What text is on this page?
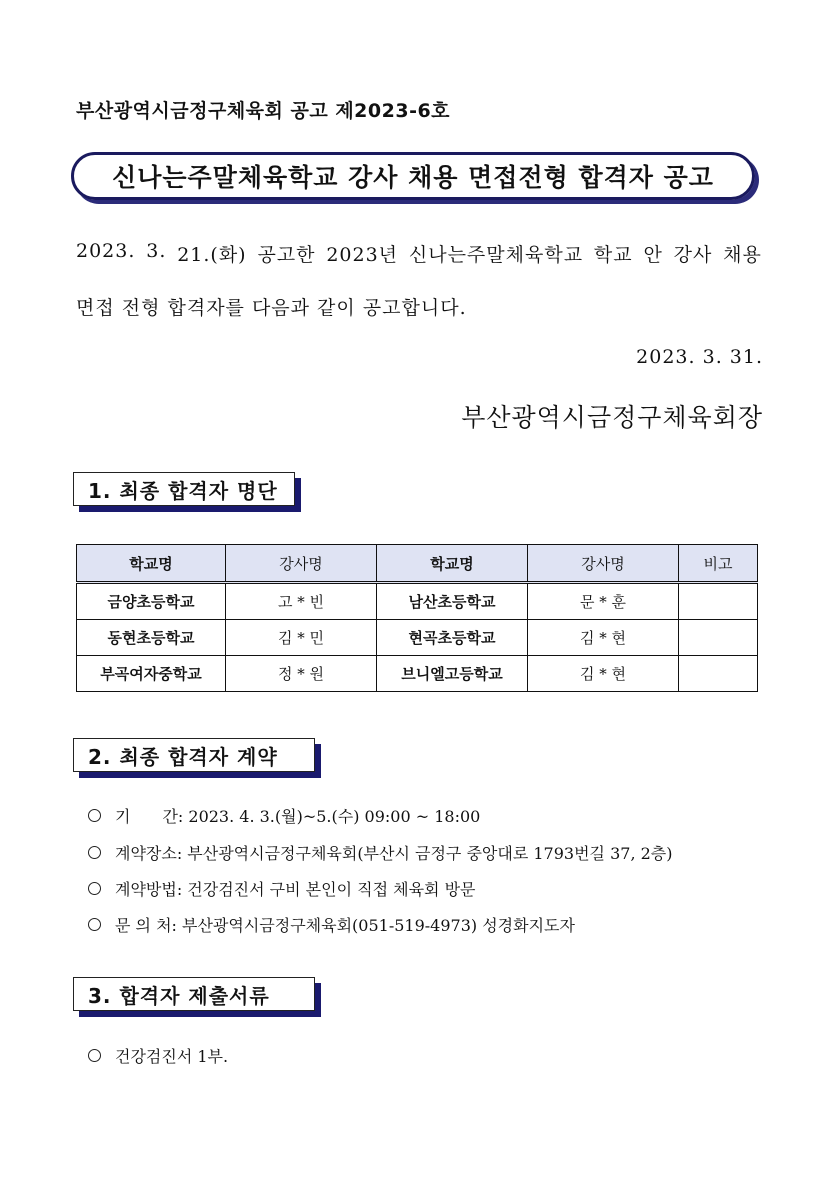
부산광역시금정구체육회 공고 제2023-6호
신나는주말체육학교 강사 채용 면접전형 합격자 공고
2023. 3. 21.(화) 공고한 2023년 신나는주말체육학교 학교 안 강사 채용
면접 전형 합격자를 다음과 같이 공고합니다.
2023. 3. 31.
부산광역시금정구체육회장
1. 최종 합격자 명단
학교명	강사명	학교명	강사명	비고
금양초등학교	고 * 빈	남산초등학교	문 * 훈	
동현초등학교	김 * 민	현곡초등학교	김 * 현	
부곡여자중학교	정 * 원	브니엘고등학교	김 * 현	
2. 최종 합격자 계약
기　　간: 2023. 4. 3.(월)~5.(수) 09:00 ~ 18:00
계약장소: 부산광역시금정구체육회(부산시 금정구 중앙대로 1793번길 37, 2층)
계약방법: 건강검진서 구비 본인이 직접 체육회 방문
문 의 처: 부산광역시금정구체육회(051-519-4973) 성경화지도자
건강검진서 1부.
3. 합격자 제출서류
